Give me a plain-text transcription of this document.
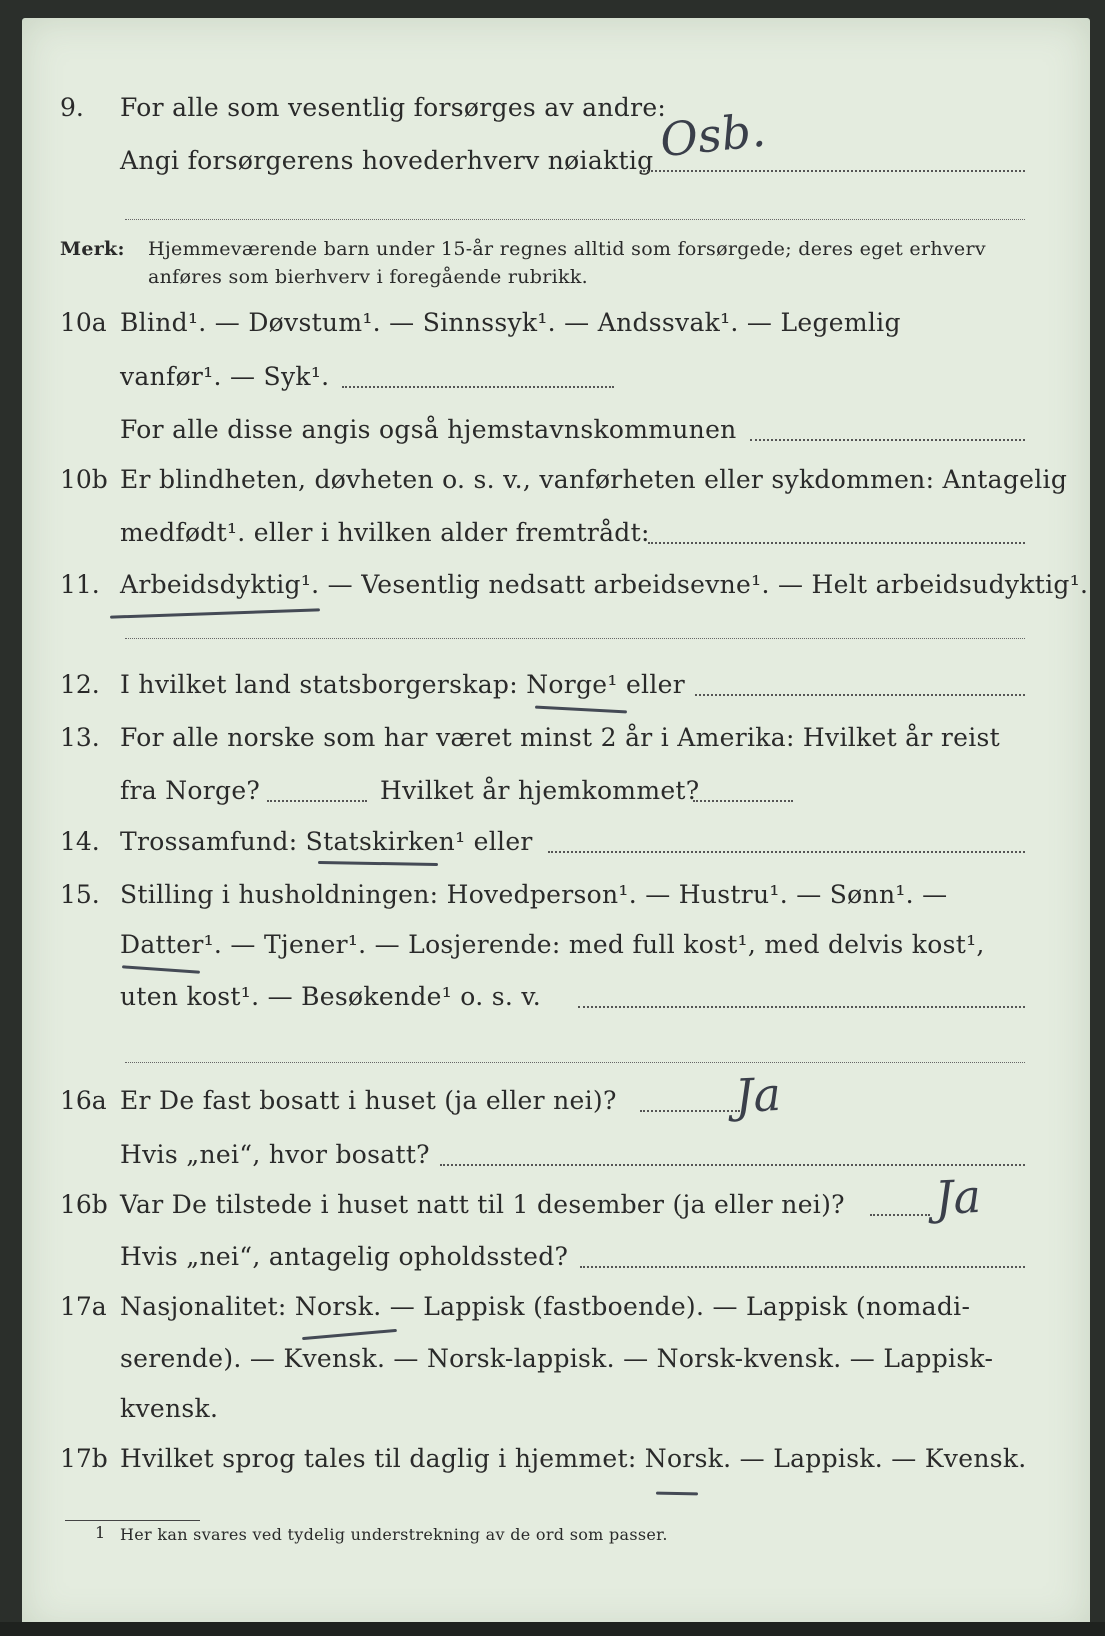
9. For alle som vesentlig forsørges av andre:
Angi forsørgerens hovederhverv nøiaktig Osb.
Merk: Hjemmeværende barn under 15-år regnes alltid som forsørgede; deres eget erhverv
anføres som bierhverv i foregående rubrikk.
10a Blind¹. — Døvstum¹. — Sinnssyk¹. — Andssvak¹. — Legemlig
vanfør¹. — Syk¹.
For alle disse angis også hjemstavnskommunen
10b Er blindheten, døvheten o. s. v., vanførheten eller sykdommen: Antagelig
medfødt¹. eller i hvilken alder fremtrådt:
11. Arbeidsdyktig¹. — Vesentlig nedsatt arbeidsevne¹. — Helt arbeidsudyktig¹.
12. I hvilket land statsborgerskap: Norge¹ eller
13. For alle norske som har været minst 2 år i Amerika: Hvilket år reist
fra Norge?	Hvilket år hjemkommet?
14. Trossamfund: Statskirken¹ eller
15. Stilling i husholdningen: Hovedperson¹. — Hustru¹. — Sønn¹. —
Datter¹. — Tjener¹. — Losjerende: med full kost¹, med delvis kost¹,
uten kost¹. — Besøkende¹ o. s. v.
16a Er De fast bosatt i huset (ja eller nei)?	Ja
Hvis „nei“, hvor bosatt?
16b Var De tilstede i huset natt til 1 desember (ja eller nei)? Ja
Hvis „nei“, antagelig opholdssted?
17a Nasjonalitet: Norsk. — Lappisk (fastboende). — Lappisk (nomadi-
serende). — Kvensk. — Norsk-lappisk. — Norsk-kvensk. — Lappisk-
kvensk.
17b Hvilket sprog tales til daglig i hjemmet: Norsk. — Lappisk. — Kvensk.
1 Her kan svares ved tydelig understrekning av de ord som passer.
